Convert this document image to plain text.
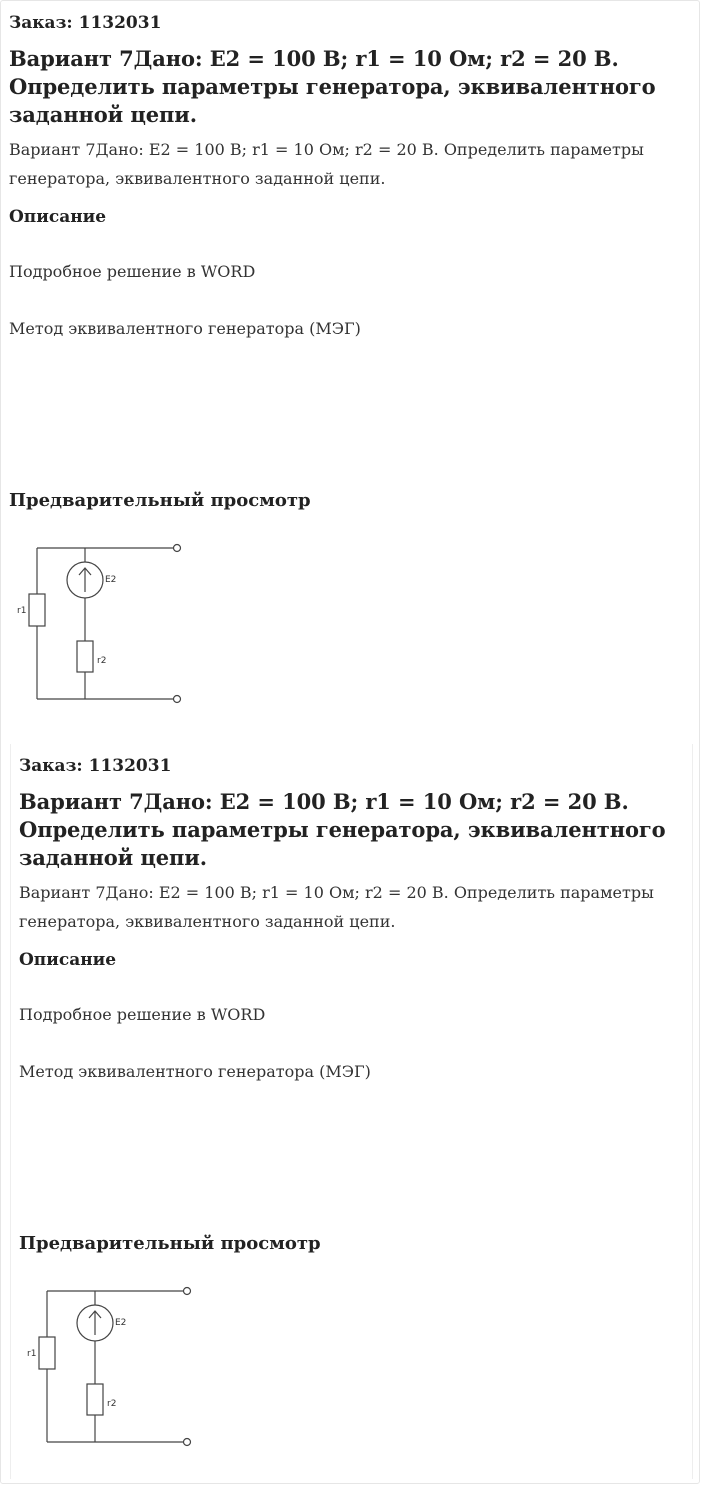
Заказ: 1132031
Вариант 7Дано: E2 = 100 В; r1 = 10 Ом; r2 = 20 В. Определить параметры генератора, эквивалентного заданной цепи.
Вариант 7Дано: E2 = 100 В; r1 = 10 Ом; r2 = 20 В. Определить параметры генератора, эквивалентного заданной цепи.
Описание
Подробное решение в WORD
Метод эквивалентного генератора (МЭГ)
Предварительный просмотр
E2
r1
r2
Заказ: 1132031
Вариант 7Дано: E2 = 100 В; r1 = 10 Ом; r2 = 20 В. Определить параметры генератора, эквивалентного заданной цепи.
Вариант 7Дано: E2 = 100 В; r1 = 10 Ом; r2 = 20 В. Определить параметры генератора, эквивалентного заданной цепи.
Описание
Подробное решение в WORD
Метод эквивалентного генератора (МЭГ)
Предварительный просмотр
E2
r1
r2
